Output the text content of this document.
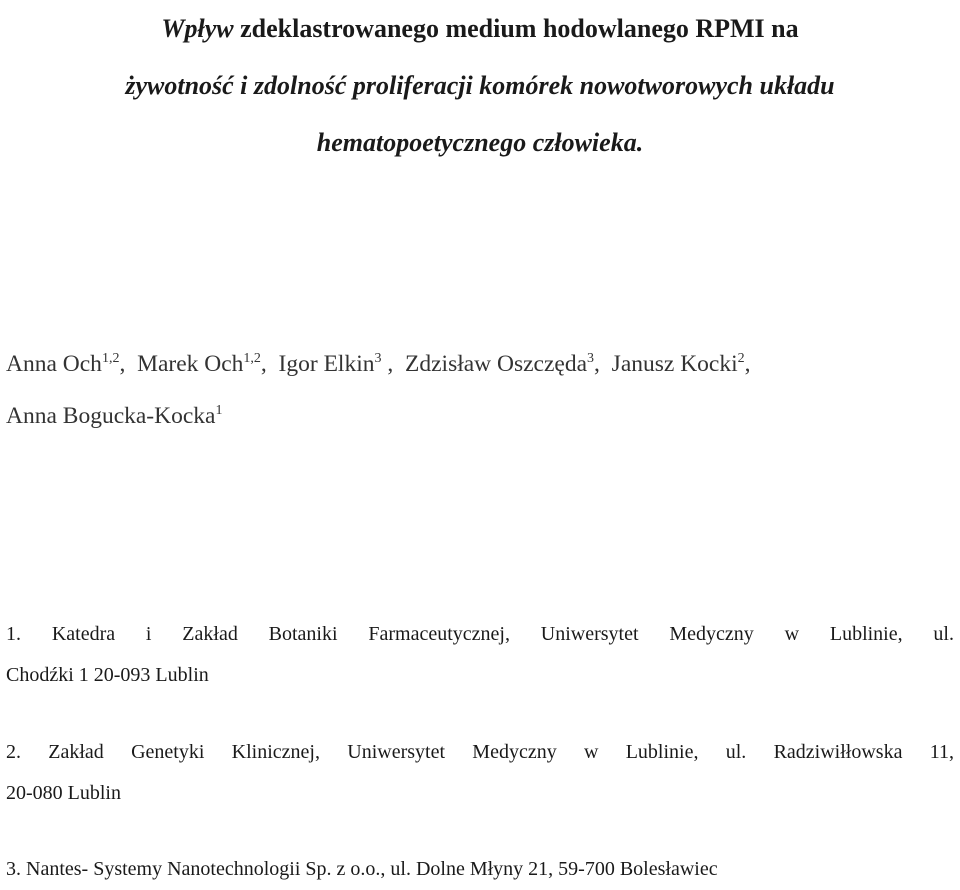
Wpływ zdeklastrowanego medium hodowlanego RPMI na
żywotność i zdolność proliferacji komórek nowotworowych układu
hematopoetycznego człowieka.
Anna Och$^{1,2}$,  Marek Och$^{1,2}$,  Igor Elkin$^3$ ,  Zdzisław Oszczęda$^3$,  Janusz Kocki$^2$,
Anna Bogucka-Kocka$^1$
1. Katedra i Zakład Botaniki Farmaceutycznej, Uniwersytet Medyczny w Lublinie, ul.
Chodźki 1 20-093 Lublin
2. Zakład Genetyki Klinicznej, Uniwersytet Medyczny w Lublinie, ul. Radziwiłłowska 11,
20-080 Lublin
3. Nantes- Systemy Nanotechnologii Sp. z o.o., ul. Dolne Młyny 21, 59-700 Bolesławiec
